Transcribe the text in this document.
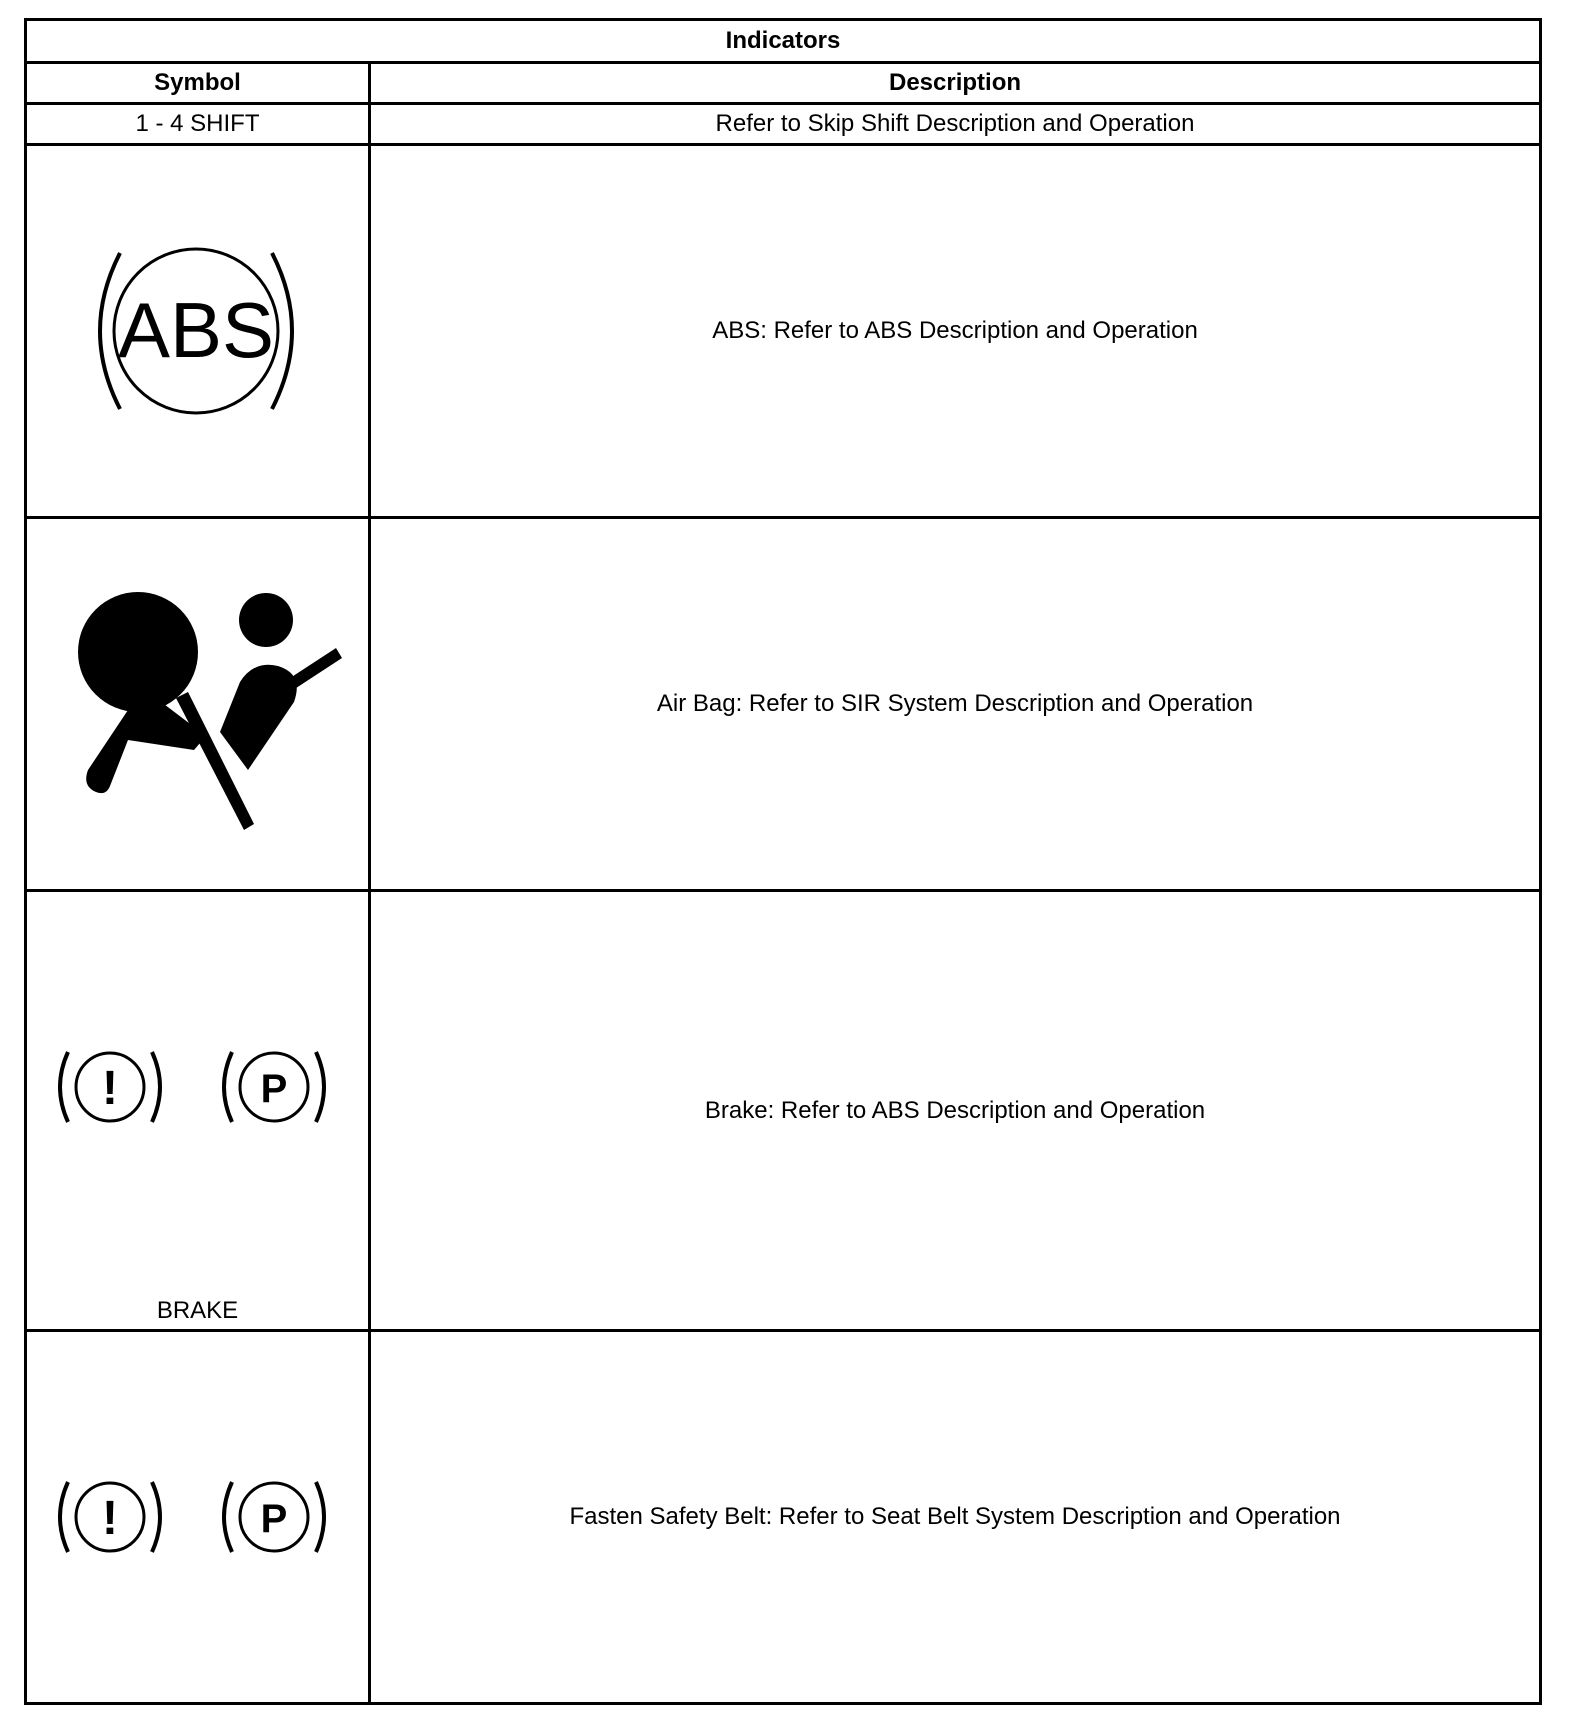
Indicators	
Symbol	Description
1 - 4 SHIFT	Refer to Skip Shift Description and Operation

ABS	ABS: Refer to ABS Description and Operation

	Air Bag: Refer to SIR System Description and Operation

! P
BRAKE	Brake: Refer to ABS Description and Operation

! P	Fasten Safety Belt: Refer to Seat Belt System Description and Operation
